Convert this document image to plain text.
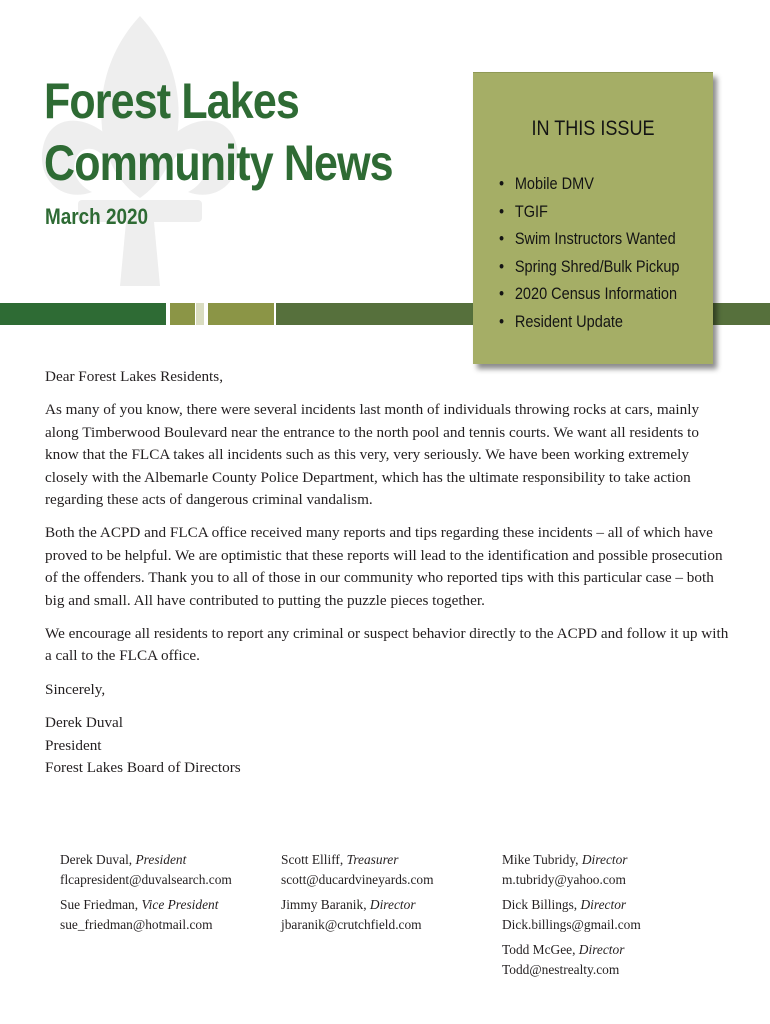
Forest Lakes
Community News
March 2020
IN THIS ISSUE
• Mobile DMV
• TGIF
• Swim Instructors Wanted
• Spring Shred/Bulk Pickup
• 2020 Census Information
• Resident Update

Dear Forest Lakes Residents,

As many of you know, there were several incidents last month of individuals throwing rocks at cars, mainly along Timberwood Boulevard near the entrance to the north pool and tennis courts. We want all residents to know that the FLCA takes all incidents such as this very, very seriously. We have been working extremely closely with the Albemarle County Police Department, which has the ultimate responsibility to take action regarding these acts of dangerous criminal vandalism.

Both the ACPD and FLCA office received many reports and tips regarding these incidents – all of which have proved to be helpful. We are optimistic that these reports will lead to the identification and possible prosecution of the offenders. Thank you to all of those in our community who reported tips with this particular case – both big and small. All have contributed to putting the puzzle pieces together.

We encourage all residents to report any criminal or suspect behavior directly to the ACPD and follow it up with a call to the FLCA office.

Sincerely,

Derek Duval

President

Forest Lakes Board of Directors

Derek Duval, President
flcapresident@duvalsearch.com
Sue Friedman, Vice President
sue_friedman@hotmail.com
Scott Elliff, Treasurer
scott@ducardvineyards.com
Jimmy Baranik, Director
jbaranik@crutchfield.com
Mike Tubridy, Director
m.tubridy@yahoo.com
Dick Billings, Director
Dick.billings@gmail.com
Todd McGee, Director
Todd@nestrealty.com
